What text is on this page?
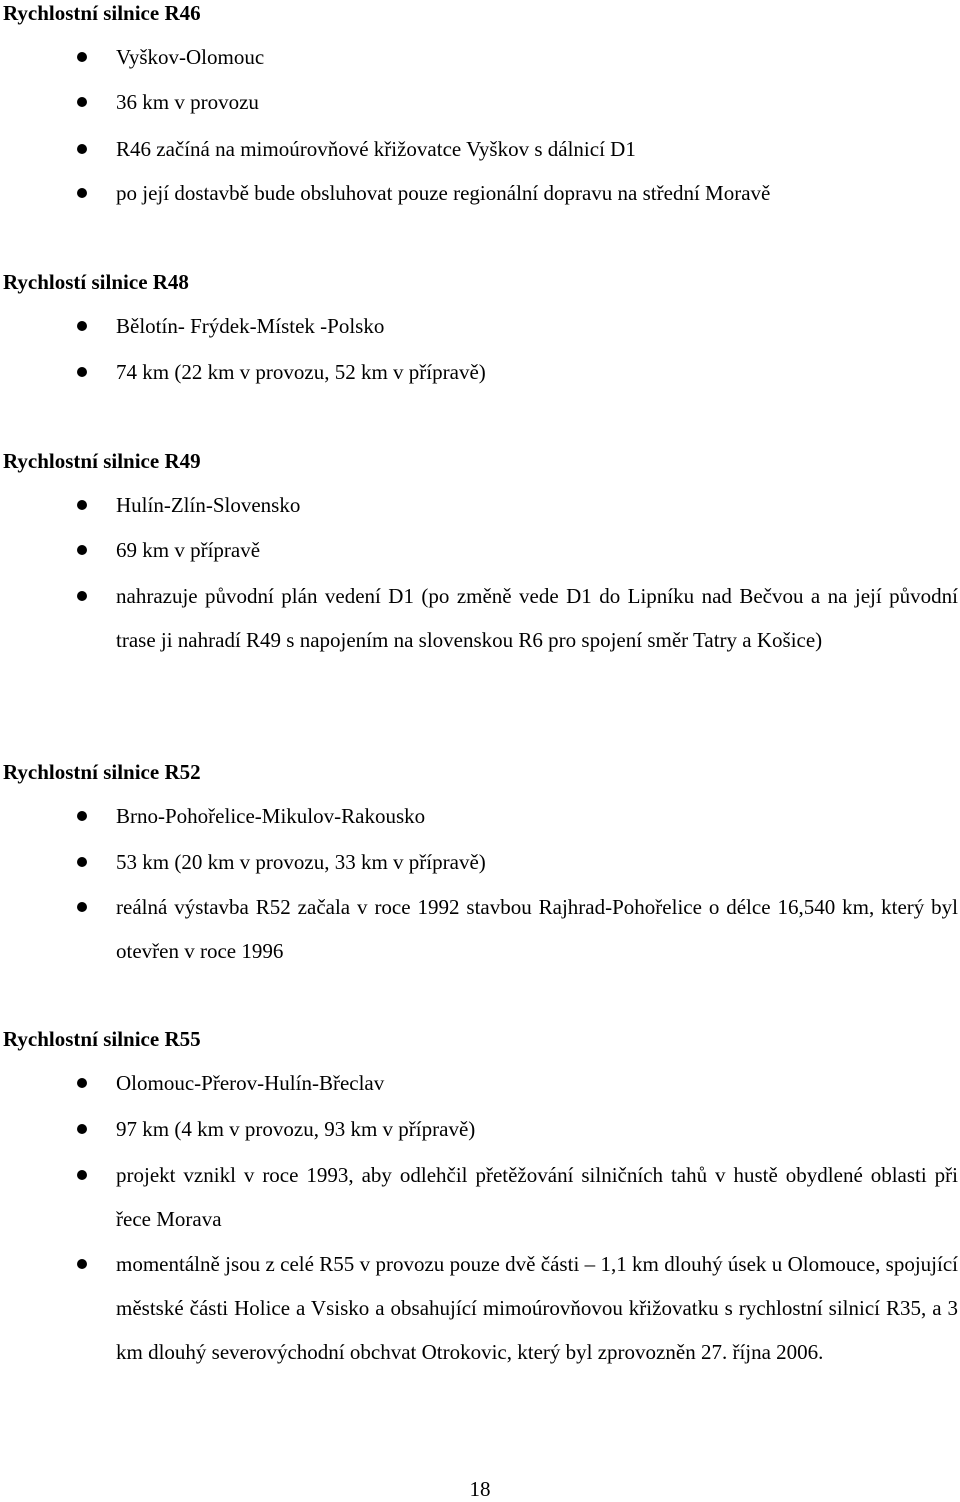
Rychlostní silnice R46
Vyškov-Olomouc
36 km v provozu
R46 začíná na mimoúrovňové křižovatce Vyškov s dálnicí D1
po její dostavbě bude obsluhovat pouze regionální dopravu na střední Moravě
Rychlostí silnice R48
Bělotín- Frýdek-Místek -Polsko
74 km (22 km v provozu, 52 km v přípravě)
Rychlostní silnice R49
Hulín-Zlín-Slovensko
69 km v přípravě
nahrazuje původní plán vedení D1 (po změně vede D1 do Lipníku nad Bečvou a na její původní trase ji nahradí R49 s napojením na slovenskou R6 pro spojení směr Tatry a Košice)
Rychlostní silnice R52
Brno-Pohořelice-Mikulov-Rakousko
53 km (20 km v provozu, 33 km v přípravě)
reálná výstavba R52 začala v roce 1992 stavbou Rajhrad-Pohořelice o délce 16,540 km, který byl otevřen v roce 1996
Rychlostní silnice R55
Olomouc-Přerov-Hulín-Břeclav
97 km (4 km v provozu, 93 km v přípravě)
projekt vznikl v roce 1993, aby odlehčil přetěžování silničních tahů v hustě obydlené oblasti při řece Morava
momentálně jsou z celé R55 v provozu pouze dvě části – 1,1 km dlouhý úsek u Olomouce, spojující městské části Holice a Vsisko a obsahující mimoúrovňovou křižovatku s rychlostní silnicí R35, a 3 km dlouhý severovýchodní obchvat Otrokovic, který byl zprovozněn 27. října 2006.
18
